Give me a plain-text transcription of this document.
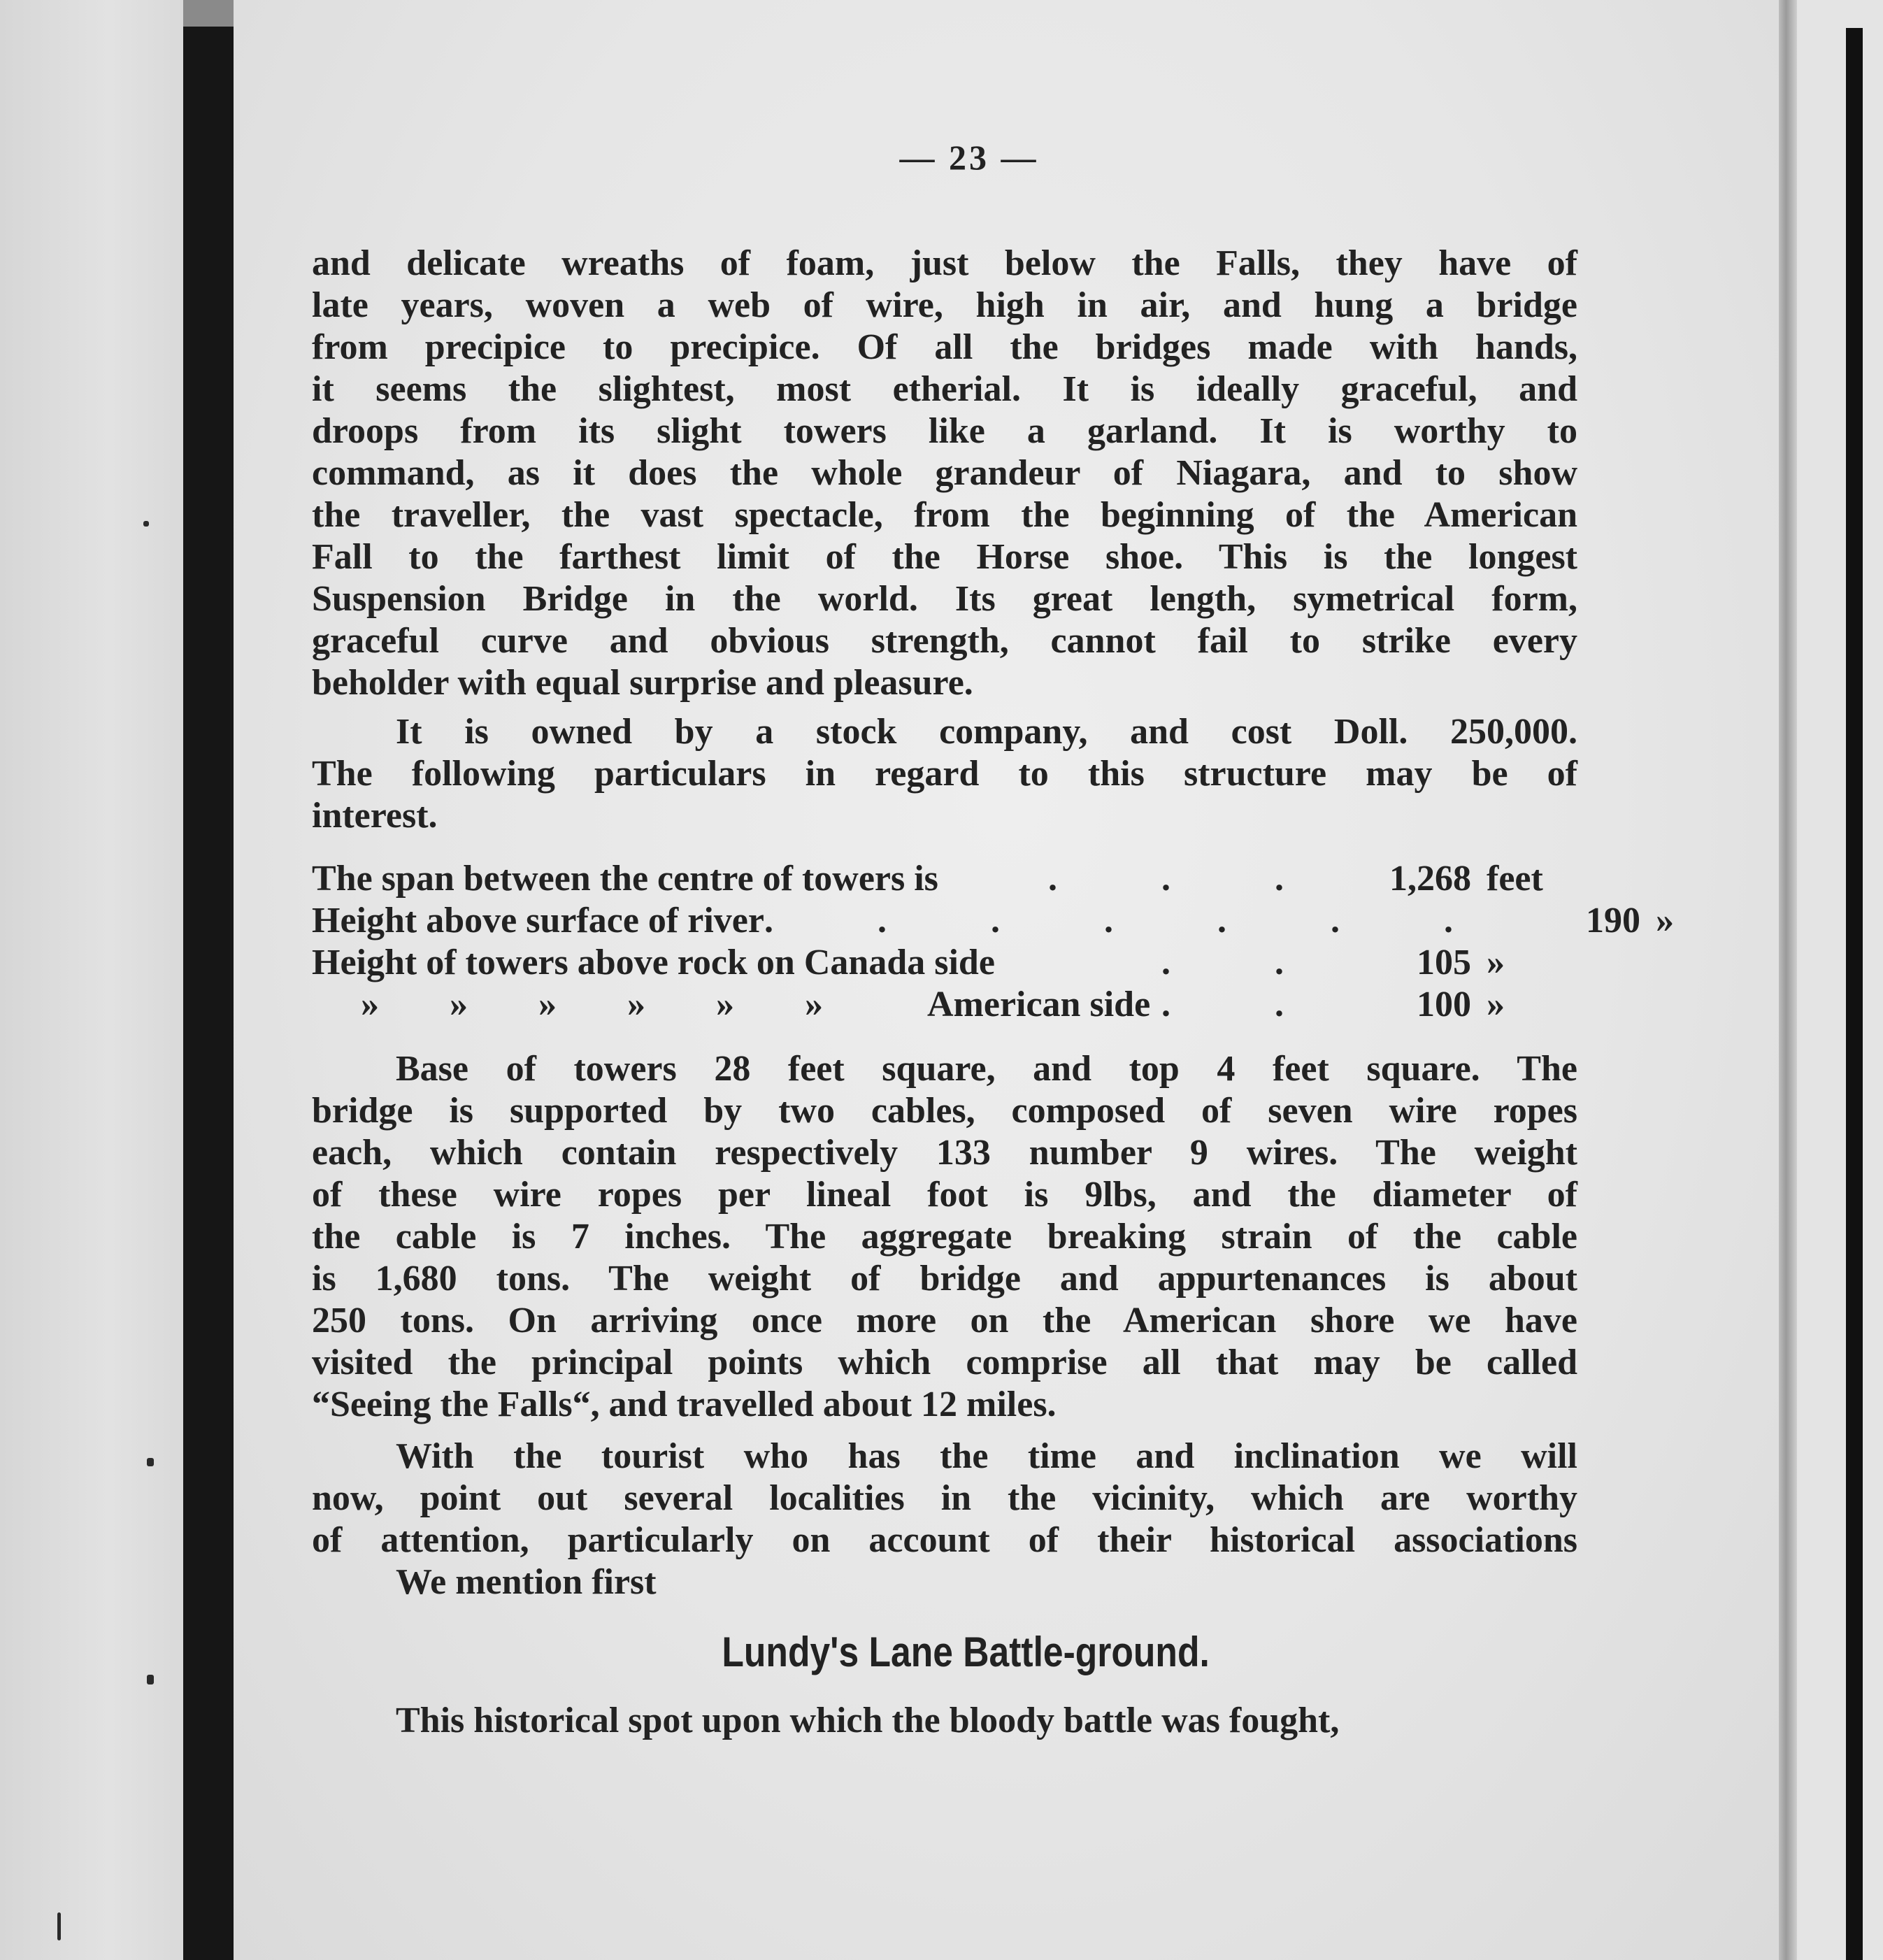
— 23 —

and delicate wreaths of foam, just below the Falls, they have of
late years, woven a web of wire, high in air, and hung a bridge
from precipice to precipice. Of all the bridges made with hands,
it seems the slightest, most etherial. It is ideally graceful, and
droops from its slight towers like a garland. It is worthy to
command, as it does the whole grandeur of Niagara, and to show
the traveller, the vast spectacle, from the beginning of the American
Fall to the farthest limit of the Horse shoe. This is the longest
Suspension Bridge in the world. Its great length, symetrical form,
graceful curve and obvious strength, cannot fail to strike every
beholder with equal surprise and pleasure.

It is owned by a stock company, and cost Doll. 250,000.
The following particulars in regard to this structure may be of
interest.

The span between the centre of towers is	. . .	1,268 feet
Height above surface of river . . . . . . .	190 »
Height of towers above rock on Canada side	. .	105 »
» » » » » »	American side . .	100 »

Base of towers 28 feet square, and top 4 feet square. The
bridge is supported by two cables, composed of seven wire ropes
each, which contain respectively 133 number 9 wires. The weight
of these wire ropes per lineal foot is 9lbs, and the diameter of
the cable is 7 inches. The aggregate breaking strain of the cable
is 1,680 tons. The weight of bridge and appurtenances is about
250 tons. On arriving once more on the American shore we have
visited the principal points which comprise all that may be called
“Seeing the Falls“, and travelled about 12 miles.

With the tourist who has the time and inclination we will
now, point out several localities in the vicinity, which are worthy
of attention, particularly on account of their historical associations
We mention first

Lundy's Lane Battle-ground.

This historical spot upon which the bloody battle was fought,
